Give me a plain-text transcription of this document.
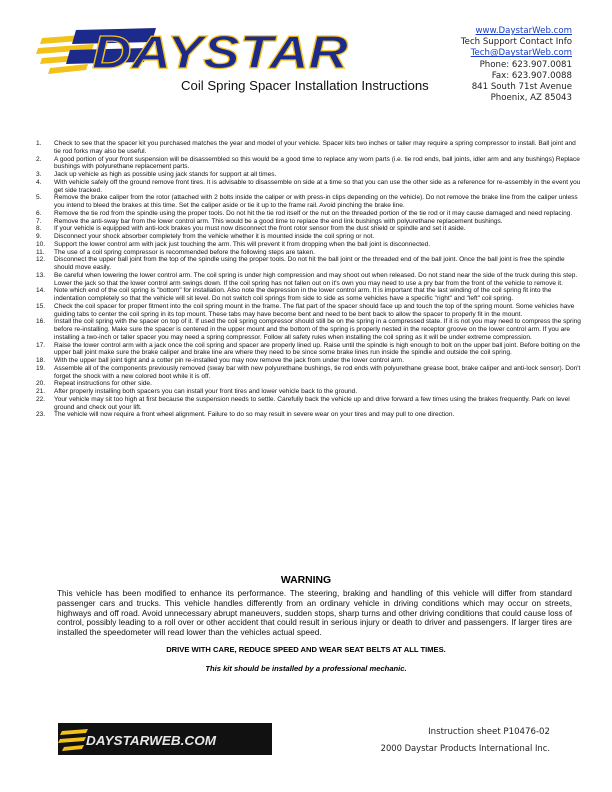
DAYSTAR	www.DaystarWeb.com
Tech Support Contact Info
Tech@DaystarWeb.com
Phone: 623.907.0081
Fax: 623.907.0088
841 South 71st Avenue
Phoenix, AZ 85043
Coil Spring Spacer Installation Instructions
1.	Check to see that the spacer kit you purchased matches the year and model of your vehicle. Spacer kits two inches or taller may require a spring compressor to install. Ball joint and tie rod forks may also be useful.
2.	A good portion of your front suspension will be disassembled so this would be a good time to replace any worn parts (i.e. tie rod ends, ball joints, idler arm and any bushings) Replace bushings with polyurethane replacement parts.
3.	Jack up vehicle as high as possible using jack stands for support at all times.
4.	With vehicle safely off the ground remove front tires. It is advisable to disassemble on side at a time so that you can use the other side as a reference for re-assembly in the event you get side tracked.
5.	Remove the brake caliper from the rotor (attached with 2 bolts inside the caliper or with press-in clips depending on the vehicle). Do not remove the brake line from the caliper unless you intend to bleed the brakes at this time. Set the caliper aside or tie it up to the frame rail. Avoid pinching the brake line.
6.	Remove the tie rod from the spindle using the proper tools. Do not hit the tie rod itself or the nut on the threaded portion of the tie rod or it may cause damaged and need replacing.
7.	Remove the anti-sway bar from the lower control arm. This would be a good time to replace the end link bushings with polyurethane replacement bushings.
8.	If your vehicle is equipped with anti-lock brakes you must now disconnect the front rotor sensor from the dust shield or spindle and set it aside.
9.	Disconnect your shock absorber completely from the vehicle whether it is mounted inside the coil spring or not.
10.	Support the lower control arm with jack just touching the arm. This will prevent it from dropping when the ball joint is disconnected.
11.	The use of a coil spring compressor is recommended before the following steps are taken.
12.	Disconnect the upper ball joint from the top of the spindle using the proper tools. Do not hit the ball joint or the threaded end of the ball joint. Once the ball joint is free the spindle should move easily.
13.	Be careful when lowering the lower control arm. The coil spring is under high compression and may shoot out when released. Do not stand near the side of the truck during this step. Lower the jack so that the lower control arm swings down. If the coil spring has not fallen out on it's own you may need to use a pry bar from the front of the vehicle to remove it.
14.	Note which end of the coil spring is "bottom" for installation. Also note the depression in the lower control arm. It is important that the last winding of the coil spring fit into the indentation completely so that the vehicle will sit level. Do not switch coil springs from side to side as some vehicles have a specific "right" and "left" coil spring.
15.	Check the coil spacer for proper fitment into the coil spring mount in the frame. The flat part of the spacer should face up and touch the top of the spring mount. Some vehicles have guiding tabs to center the coil spring in its top mount. These tabs may have become bent and need to be bent back to allow the spacer to properly fit in the mount.
16.	Install the coil spring with the spacer on top of it. If used the coil spring compressor should still be on the spring in a compressed state. If it is not you may need to compress the spring before re-installing. Make sure the spacer is centered in the upper mount and the bottom of the spring is properly nested in the receptor groove on the lower control arm. If you are installing a two-inch or taller spacer you may need a spring compressor. Follow all safety rules when installing the coil spring as it will be under extreme compression.
17.	Raise the lower control arm with a jack once the coil spring and spacer are properly lined up. Raise until the spindle is high enough to bolt on the upper ball joint. Before bolting on the upper ball joint make sure the brake caliper and brake line are where they need to be since some brake lines run inside the spindle and outside the coil spring.
18.	With the upper ball joint tight and a cotter pin re-installed you may now remove the jack from under the lower control arm.
19.	Assemble all of the components previously removed (sway bar with new polyurethane bushings, tie rod ends with polyurethane grease boot, brake caliper and anti-lock sensor). Don't forget the shock with a new colored boot while it is off.
20.	Repeat instructions for other side.
21.	After properly installing both spacers you can install your front tires and lower vehicle back to the ground.
22.	Your vehicle may sit too high at first because the suspension needs to settle. Carefully back the vehicle up and drive forward a few times using the brakes frequently. Park on level ground and check out your lift.
23.	The vehicle will now require a front wheel alignment. Failure to do so may result in severe wear on your tires and may pull to one direction.
WARNING
This vehicle has been modified to enhance its performance. The steering, braking and handling of this vehicle will differ from standard passenger cars and trucks. This vehicle handles differently from an ordinary vehicle in driving conditions which may occur on streets, highways and off road. Avoid unnecessary abrupt maneuvers, sudden stops, sharp turns and other driving conditions that could cause loss of control, possibly leading to a roll over or other accident that could result in serious injury or death to driver and passengers. If larger tires are installed the speedometer will read lower than the vehicles actual speed.
DRIVE WITH CARE, REDUCE SPEED AND WEAR SEAT BELTS AT ALL TIMES.
This kit should be installed by a professional mechanic.
DAYSTARWEB.COM
Instruction sheet P10476-02
2000 Daystar Products International Inc.
